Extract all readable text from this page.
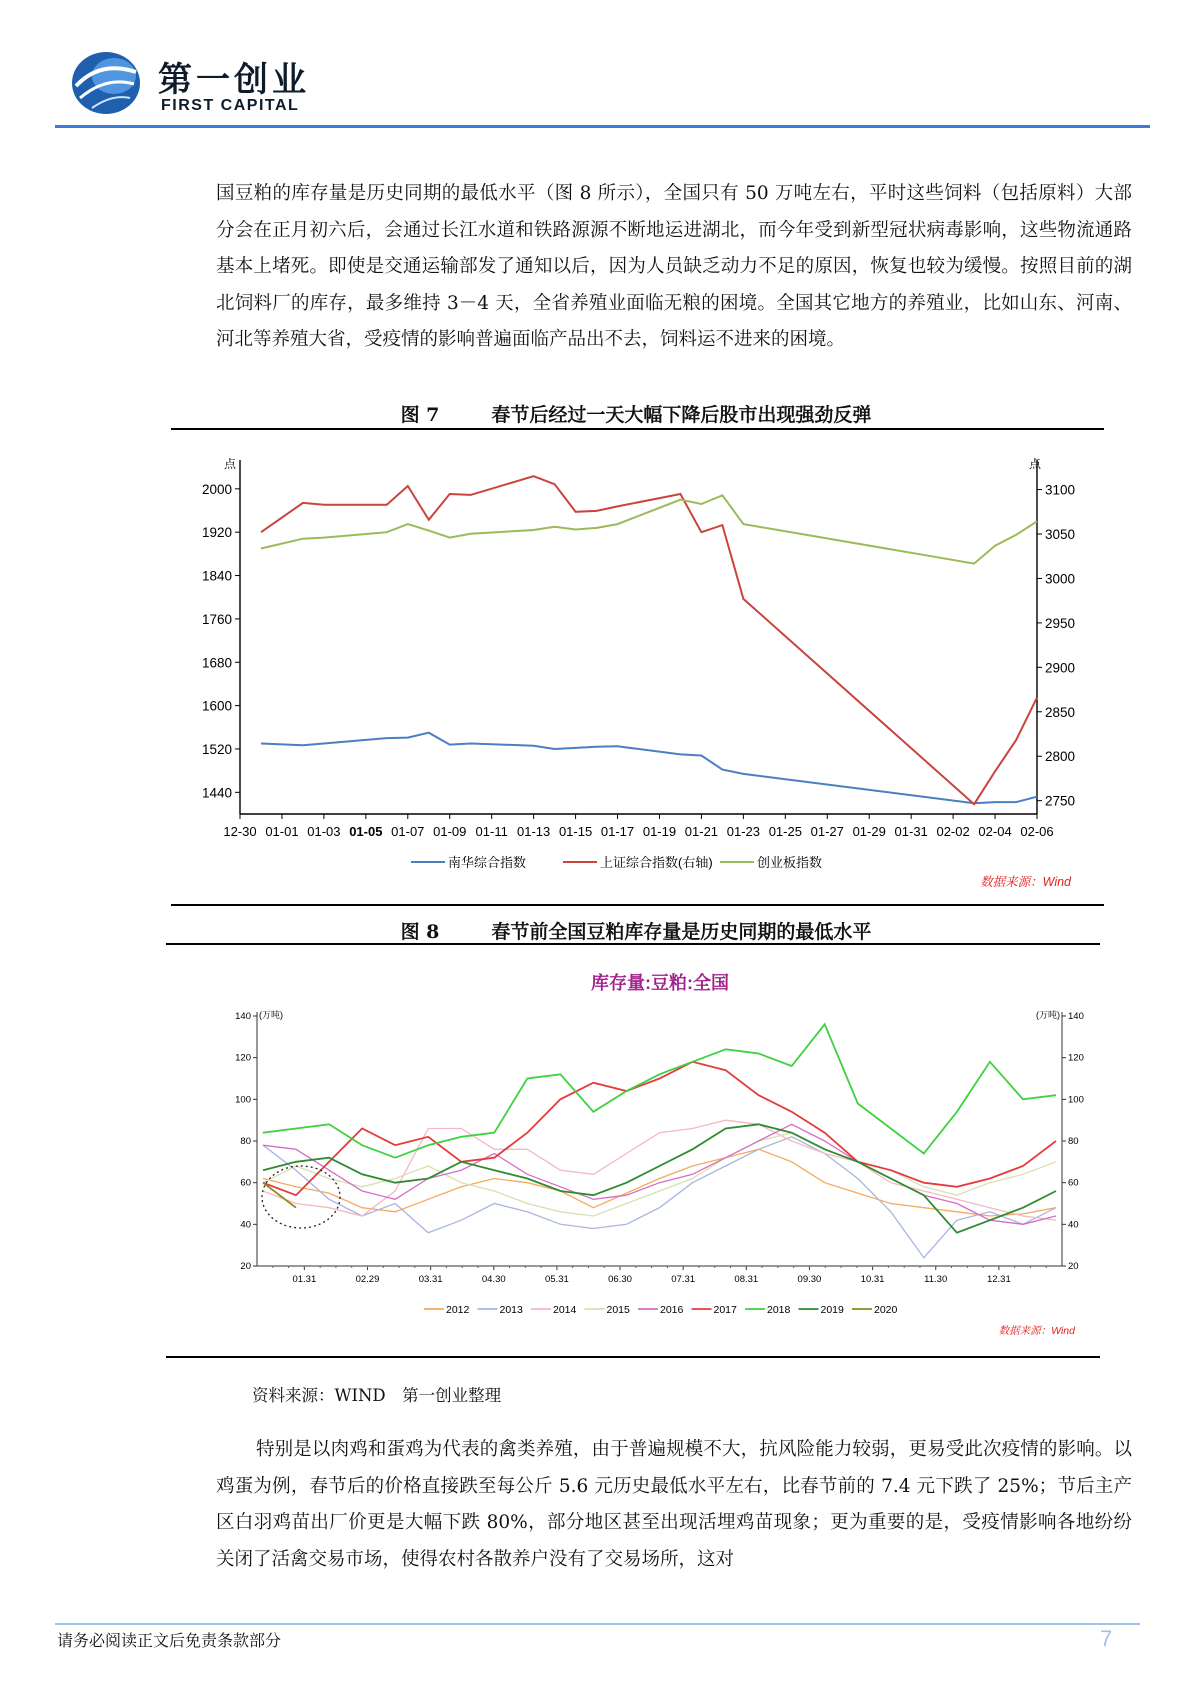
第一创业
FIRST CAPITAL
国豆粕的库存量是历史同期的最低水平（图 8 所示），全国只有 50 万吨左右，平时这些饲料（包括原料）大部分会在正月初六后，会通过长江水道和铁路源源不断地运进湖北，而今年受到新型冠状病毒影响，这些物流通路基本上堵死。即使是交通运输部发了通知以后，因为人员缺乏动力不足的原因，恢复也较为缓慢。按照目前的湖北饲料厂的库存，最多维持 3－4 天，全省养殖业面临无粮的困境。全国其它地方的养殖业，比如山东、河南、河北等养殖大省，受疫情的影响普遍面临产品出不去，饲料运不进来的困境。
图 7	春节后经过一天大幅下降后股市出现强劲反弹
点	点
1440
1520
1600
1680
1760
1840
1920
2000
2750
2800
2850
2900
2950
3000
3050
3100
12-30 01-01 01-03 01-05 01-07 01-09 01-11 01-13 01-15 01-17 01-19 01-21 01-23 01-25 01-27 01-29 01-31 02-02 02-04 02-06
南华综合指数	上证综合指数(右轴)	创业板指数
数据来源：Wind
图 8	春节前全国豆粕库存量是历史同期的最低水平
库存量:豆粕:全国
(万吨)	(万吨)
20	20
40	40
60	60
80	80
100	100
120	120
140	140
01.31	02.29	03.31	04.30	05.31	06.30	07.31	08.31	09.30	10.31	11.30	12.31
2012	2013	2014	2015	2016	2017	2018	2019	2020
数据来源：Wind
资料来源：WIND　第一创业整理
特别是以肉鸡和蛋鸡为代表的禽类养殖，由于普遍规模不大，抗风险能力较弱，更易受此次疫情的影响。以鸡蛋为例，春节后的价格直接跌至每公斤 5.6 元历史最低水平左右，比春节前的 7.4 元下跌了 25%；节后主产区白羽鸡苗出厂价更是大幅下跌 80%，部分地区甚至出现活埋鸡苗现象；更为重要的是，受疫情影响各地纷纷关闭了活禽交易市场，使得农村各散养户没有了交易场所，这对
请务必阅读正文后免责条款部分	7
